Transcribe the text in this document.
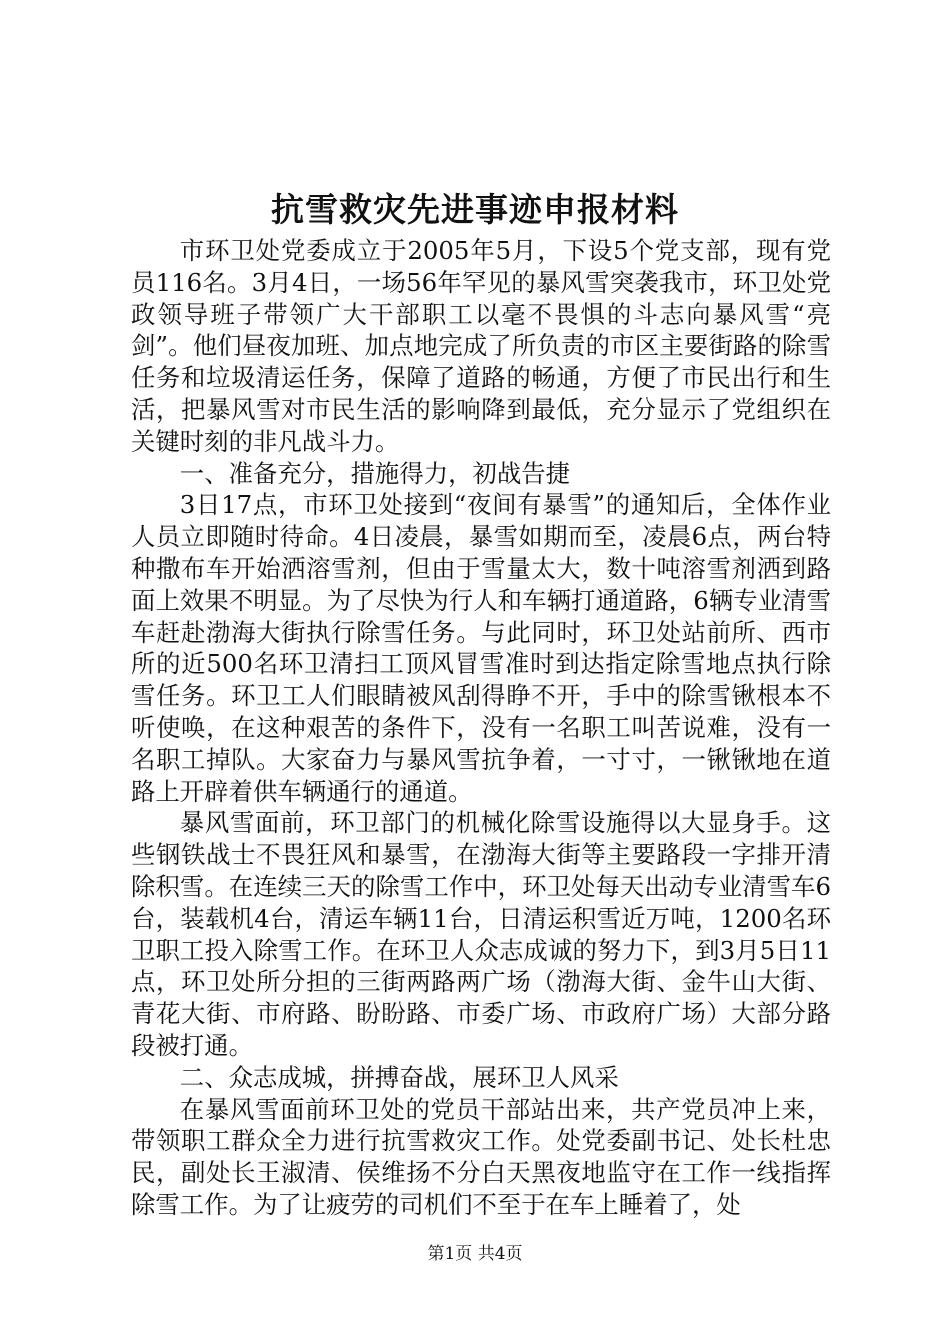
抗雪救灾先进事迹申报材料

市环卫处党委成立于2005年5月，下设5个党支部，现有党员116名。3月4日，一场56年罕见的暴风雪突袭我市，环卫处党政领导班子带领广大干部职工以毫不畏惧的斗志向暴风雪“亮剑”。他们昼夜加班、加点地完成了所负责的市区主要街路的除雪任务和垃圾清运任务，保障了道路的畅通，方便了市民出行和生活，把暴风雪对市民生活的影响降到最低，充分显示了党组织在关键时刻的非凡战斗力。

一、准备充分，措施得力，初战告捷

3日17点，市环卫处接到“夜间有暴雪”的通知后，全体作业人员立即随时待命。4日凌晨，暴雪如期而至，凌晨6点，两台特种撒布车开始洒溶雪剂，但由于雪量太大，数十吨溶雪剂洒到路面上效果不明显。为了尽快为行人和车辆打通道路，6辆专业清雪车赶赴渤海大街执行除雪任务。与此同时，环卫处站前所、西市所的近500名环卫清扫工顶风冒雪准时到达指定除雪地点执行除雪任务。环卫工人们眼睛被风刮得睁不开，手中的除雪锹根本不听使唤，在这种艰苦的条件下，没有一名职工叫苦说难，没有一名职工掉队。大家奋力与暴风雪抗争着，一寸寸，一锹锹地在道路上开辟着供车辆通行的通道。

暴风雪面前，环卫部门的机械化除雪设施得以大显身手。这些钢铁战士不畏狂风和暴雪，在渤海大街等主要路段一字排开清除积雪。在连续三天的除雪工作中，环卫处每天出动专业清雪车6台，装载机4台，清运车辆11台，日清运积雪近万吨，1200名环卫职工投入除雪工作。在环卫人众志成诚的努力下，到3月5日11点，环卫处所分担的三街两路两广场（渤海大街、金牛山大街、青花大街、市府路、盼盼路、市委广场、市政府广场）大部分路段被打通。

二、众志成城，拼搏奋战，展环卫人风采

在暴风雪面前环卫处的党员干部站出来，共产党员冲上来，带领职工群众全力进行抗雪救灾工作。处党委副书记、处长杜忠民，副处长王淑清、侯维扬不分白天黑夜地监守在工作一线指挥除雪工作。为了让疲劳的司机们不至于在车上睡着了，处

第1页 共4页
